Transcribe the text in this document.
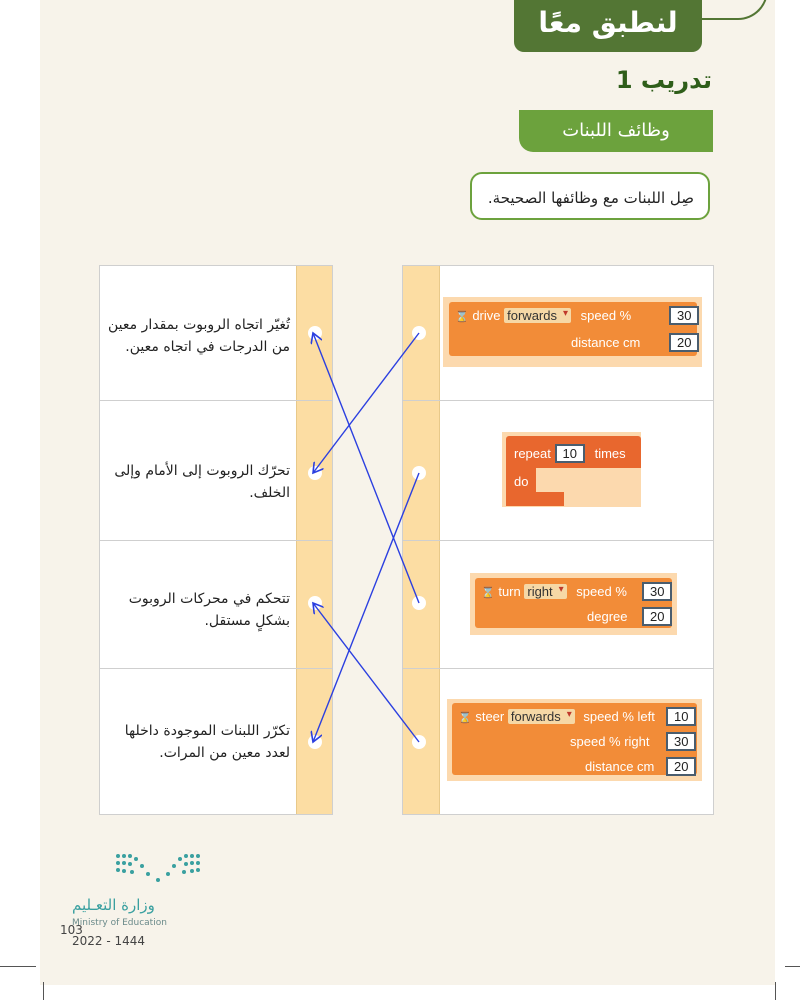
لنطبق معًا
تدريب 1
وظائف اللبنات
صِل اللبنات مع وظائفها الصحيحة.
تُغيّر اتجاه الروبوت بمقدار معين من الدرجات في اتجاه معين.
تحرّك الروبوت إلى الأمام وإلى الخلف.
تتحكم في محركات الروبوت بشكلٍ مستقل.
تكرّر اللبنات الموجودة داخلها لعدد معين من المرات.
⌛ drive forwards ▾ speed %	30
distance cm	20
repeat 10 times
do
⌛ turn right ▾ speed %	30
degree	20
⌛ steer forwards ▾ speed % left	10
speed % right	30
distance cm	20
وزارة التعـليم
Ministry of Education
103
2022 - 1444
